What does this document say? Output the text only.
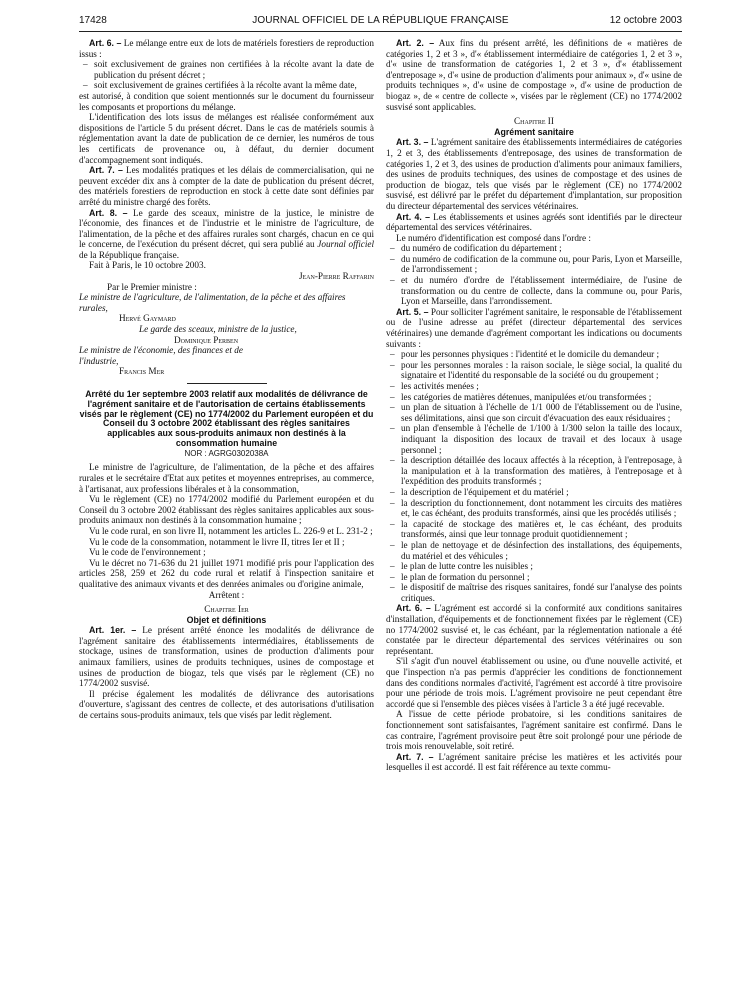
17428	JOURNAL OFFICIEL DE LA RÉPUBLIQUE FRANÇAISE	12 octobre 2003

Art. 6. – Le mélange entre eux de lots de matériels forestiers de reproduction issus :

– soit exclusivement de graines non certifiées à la récolte avant la date de publication du présent décret ;

– soit exclusivement de graines certifiées à la récolte avant la même date,

est autorisé, à condition que soient mentionnés sur le document du fournisseur les composants et proportions du mélange.

L'identification des lots issus de mélanges est réalisée conformément aux dispositions de l'article 5 du présent décret. Dans le cas de matériels soumis à réglementation avant la date de publication de ce dernier, les numéros de tous les certificats de provenance ou, à défaut, du dernier document d'accompagnement sont indiqués.

Art. 7. – Les modalités pratiques et les délais de commercialisation, qui ne peuvent excéder dix ans à compter de la date de publication du présent décret, des matériels forestiers de reproduction en stock à cette date sont définies par arrêté du ministre chargé des forêts.

Art. 8. – Le garde des sceaux, ministre de la justice, le ministre de l'économie, des finances et de l'industrie et le ministre de l'agriculture, de l'alimentation, de la pêche et des affaires rurales sont chargés, chacun en ce qui le concerne, de l'exécution du présent décret, qui sera publié au Journal officiel de la République française.

Fait à Paris, le 10 octobre 2003.

Jean-Pierre Raffarin

Par le Premier ministre :

Le ministre de l'agriculture, de l'alimentation, de la pêche et des affaires rurales,

Hervé Gaymard

Le garde des sceaux, ministre de la justice,

Dominique Perben

Le ministre de l'économie, des finances et de l'industrie,

Francis Mer

Arrêté du 1er septembre 2003 relatif aux modalités de délivrance de l'agrément sanitaire et de l'autorisation de certains établissements visés par le règlement (CE) no 1774/2002 du Parlement européen et du Conseil du 3 octobre 2002 établissant des règles sanitaires applicables aux sous-produits animaux non destinés à la consommation humaine

NOR : AGRG0302038A

Le ministre de l'agriculture, de l'alimentation, de la pêche et des affaires rurales et le secrétaire d'Etat aux petites et moyennes entreprises, au commerce, à l'artisanat, aux professions libérales et à la consommation,

Vu le règlement (CE) no 1774/2002 modifié du Parlement européen et du Conseil du 3 octobre 2002 établissant des règles sanitaires applicables aux sous-produits animaux non destinés à la consommation humaine ;

Vu le code rural, en son livre II, notamment les articles L. 226-9 et L. 231-2 ;

Vu le code de la consommation, notamment le livre II, titres Ier et II ;

Vu le code de l'environnement ;

Vu le décret no 71-636 du 21 juillet 1971 modifié pris pour l'application des articles 258, 259 et 262 du code rural et relatif à l'inspection sanitaire et qualitative des animaux vivants et des denrées animales ou d'origine animale,

Arrêtent :

Chapitre Ier

Objet et définitions

Art. 1er. – Le présent arrêté énonce les modalités de délivrance de l'agrément sanitaire des établissements intermédiaires, établissements de stockage, usines de transformation, usines de production d'aliments pour animaux familiers, usines de produits techniques, usines de compostage et usines de production de biogaz, tels que visés par le règlement (CE) no 1774/2002 susvisé.

Il précise également les modalités de délivrance des autorisations d'ouverture, s'agissant des centres de collecte, et des autorisations d'utilisation de certains sous-produits animaux, tels que visés par ledit règlement.

Art. 2. – Aux fins du présent arrêté, les définitions de « matières de catégories 1, 2 et 3 », d'« établissement intermédiaire de catégories 1, 2 et 3 », d'« usine de transformation de catégories 1, 2 et 3 », d'« établissement d'entreposage », d'« usine de production d'aliments pour animaux », d'« usine de produits techniques », d'« usine de compostage », d'« usine de production de biogaz », de « centre de collecte », visées par le règlement (CE) no 1774/2002 susvisé sont applicables.

Chapitre II

Agrément sanitaire

Art. 3. – L'agrément sanitaire des établissements intermédiaires de catégories 1, 2 et 3, des établissements d'entreposage, des usines de transformation de catégories 1, 2 et 3, des usines de production d'aliments pour animaux familiers, des usines de produits techniques, des usines de compostage et des usines de production de biogaz, tels que visés par le règlement (CE) no 1774/2002 susvisé, est délivré par le préfet du département d'implantation, sur proposition du directeur départemental des services vétérinaires.

Art. 4. – Les établissements et usines agréés sont identifiés par le directeur départemental des services vétérinaires.

Le numéro d'identification est composé dans l'ordre :

– du numéro de codification du département ;

– du numéro de codification de la commune ou, pour Paris, Lyon et Marseille, de l'arrondissement ;

– et du numéro d'ordre de l'établissement intermédiaire, de l'usine de transformation ou du centre de collecte, dans la commune ou, pour Paris, Lyon et Marseille, dans l'arrondissement.

Art. 5. – Pour solliciter l'agrément sanitaire, le responsable de l'établissement ou de l'usine adresse au préfet (directeur départemental des services vétérinaires) une demande d'agrément comportant les indications ou documents suivants :

– pour les personnes physiques : l'identité et le domicile du demandeur ;

– pour les personnes morales : la raison sociale, le siège social, la qualité du signataire et l'identité du responsable de la société ou du groupement ;

– les activités menées ;

– les catégories de matières détenues, manipulées et/ou transformées ;

– un plan de situation à l'échelle de 1/1 000 de l'établissement ou de l'usine, ses délimitations, ainsi que son circuit d'évacuation des eaux résiduaires ;

– un plan d'ensemble à l'échelle de 1/100 à 1/300 selon la taille des locaux, indiquant la disposition des locaux de travail et des locaux à usage personnel ;

– la description détaillée des locaux affectés à la réception, à l'entreposage, à la manipulation et à la transformation des matières, à l'entreposage et à l'expédition des produits transformés ;

– la description de l'équipement et du matériel ;

– la description du fonctionnement, dont notamment les circuits des matières et, le cas échéant, des produits transformés, ainsi que les procédés utilisés ;

– la capacité de stockage des matières et, le cas échéant, des produits transformés, ainsi que leur tonnage produit quotidiennement ;

– le plan de nettoyage et de désinfection des installations, des équipements, du matériel et des véhicules ;

– le plan de lutte contre les nuisibles ;

– le plan de formation du personnel ;

– le dispositif de maîtrise des risques sanitaires, fondé sur l'analyse des points critiques.

Art. 6. – L'agrément est accordé si la conformité aux conditions sanitaires d'installation, d'équipements et de fonctionnement fixées par le règlement (CE) no 1774/2002 susvisé et, le cas échéant, par la réglementation nationale a été constatée par le directeur départemental des services vétérinaires ou son représentant.

S'il s'agit d'un nouvel établissement ou usine, ou d'une nouvelle activité, et que l'inspection n'a pas permis d'apprécier les conditions de fonctionnement dans des conditions normales d'activité, l'agrément est accordé à titre provisoire pour une période de trois mois. L'agrément provisoire ne peut cependant être accordé que si l'ensemble des pièces visées à l'article 3 a été jugé recevable.

A l'issue de cette période probatoire, si les conditions sanitaires de fonctionnement sont satisfaisantes, l'agrément sanitaire est confirmé. Dans le cas contraire, l'agrément provisoire peut être soit prolongé pour une période de trois mois renouvelable, soit retiré.

Art. 7. – L'agrément sanitaire précise les matières et les activités pour lesquelles il est accordé. Il est fait référence au texte commu-
